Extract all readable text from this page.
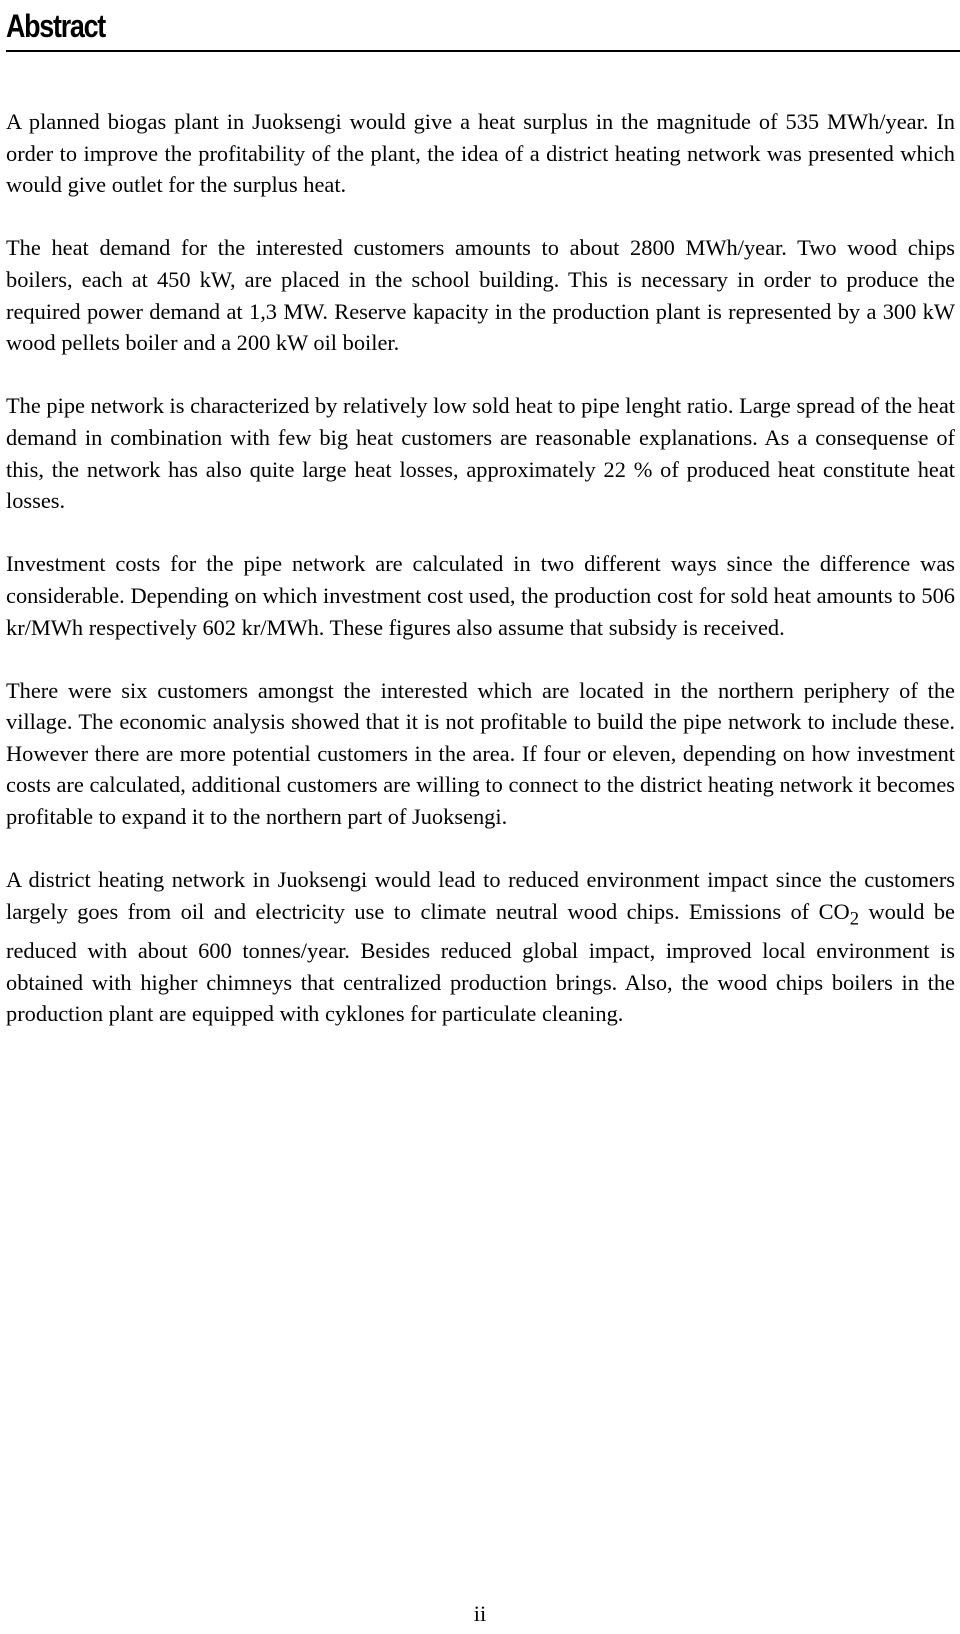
Abstract

A planned biogas plant in Juoksengi would give a heat surplus in the magnitude of 535 MWh/year. In order to improve the profitability of the plant, the idea of a district heating network was presented which would give outlet for the surplus heat.

The heat demand for the interested customers amounts to about 2800 MWh/year. Two wood chips boilers, each at 450 kW, are placed in the school building. This is necessary in order to produce the required power demand at 1,3 MW. Reserve kapacity in the production plant is represented by a 300 kW wood pellets boiler and a 200 kW oil boiler.

The pipe network is characterized by relatively low sold heat to pipe lenght ratio. Large spread of the heat demand in combination with few big heat customers are reasonable explanations. As a consequense of this, the network has also quite large heat losses, approximately 22 % of produced heat constitute heat losses.

Investment costs for the pipe network are calculated in two different ways since the difference was considerable. Depending on which investment cost used, the production cost for sold heat amounts to 506 kr/MWh respectively 602 kr/MWh. These figures also assume that subsidy is received.

There were six customers amongst the interested which are located in the northern periphery of the village. The economic analysis showed that it is not profitable to build the pipe network to include these. However there are more potential customers in the area. If four or eleven, depending on how investment costs are calculated, additional customers are willing to connect to the district heating network it becomes profitable to expand it to the northern part of Juoksengi.

A district heating network in Juoksengi would lead to reduced environment impact since the customers largely goes from oil and electricity use to climate neutral wood chips. Emissions of $CO_2$ would be reduced with about 600 tonnes/year. Besides reduced global impact, improved local environment is obtained with higher chimneys that centralized production brings. Also, the wood chips boilers in the production plant are equipped with cyklones for particulate cleaning.

ii
